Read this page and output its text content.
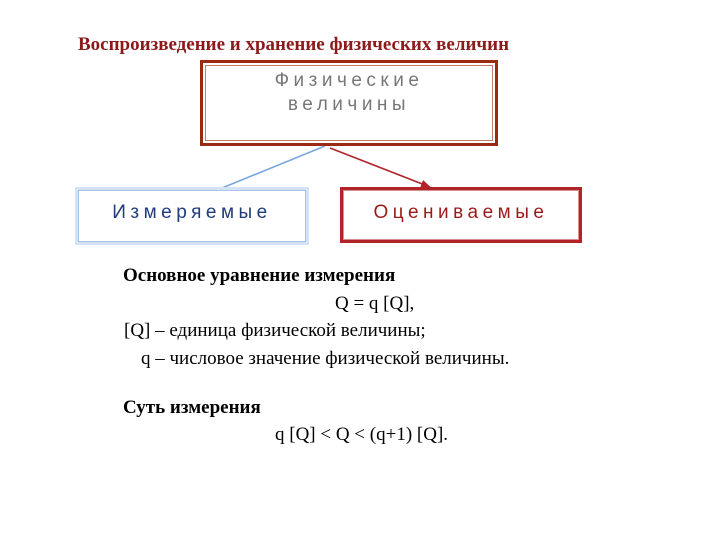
Воспроизведение и хранение физических величин
Физические
величины
Измеряемые	Оцениваемые
Основное уравнение измерения
Q = q [Q],
[Q] – единица физической величины;
q – числовое значение физической величины.
Суть измерения
q [Q] < Q < (q+1) [Q].
